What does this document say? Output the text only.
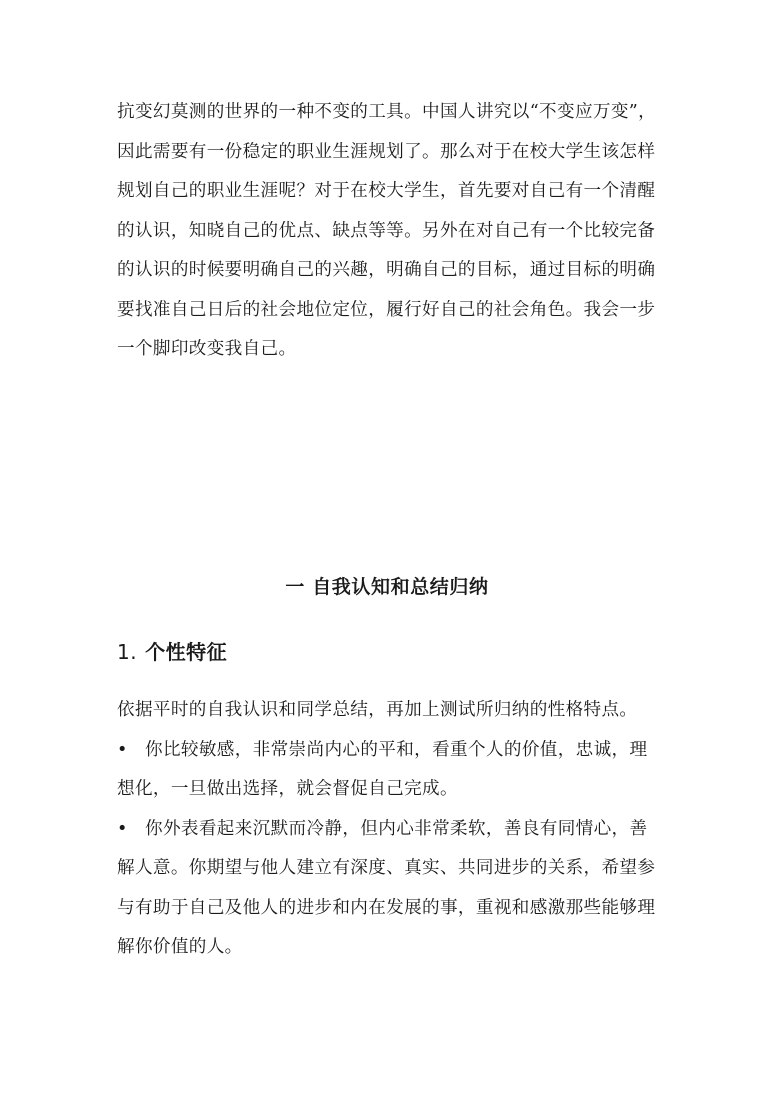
抗变幻莫测的世界的一种不变的工具。中国人讲究以“不变应万变”，
因此需要有一份稳定的职业生涯规划了。那么对于在校大学生该怎样
规划自己的职业生涯呢？对于在校大学生，首先要对自己有一个清醒
的认识，知晓自己的优点、缺点等等。另外在对自己有一个比较完备
的认识的时候要明确自己的兴趣，明确自己的目标，通过目标的明确
要找准自己日后的社会地位定位，履行好自己的社会角色。我会一步
一个脚印改变我自己。
一 自我认知和总结归纳
1. 个性特征
依据平时的自我认识和同学总结，再加上测试所归纳的性格特点。
• 你比较敏感，非常崇尚内心的平和，看重个人的价值，忠诚，理
想化，一旦做出选择，就会督促自己完成。
• 你外表看起来沉默而冷静，但内心非常柔软，善良有同情心，善
解人意。你期望与他人建立有深度、真实、共同进步的关系，希望参
与有助于自己及他人的进步和内在发展的事，重视和感激那些能够理
解你价值的人。
